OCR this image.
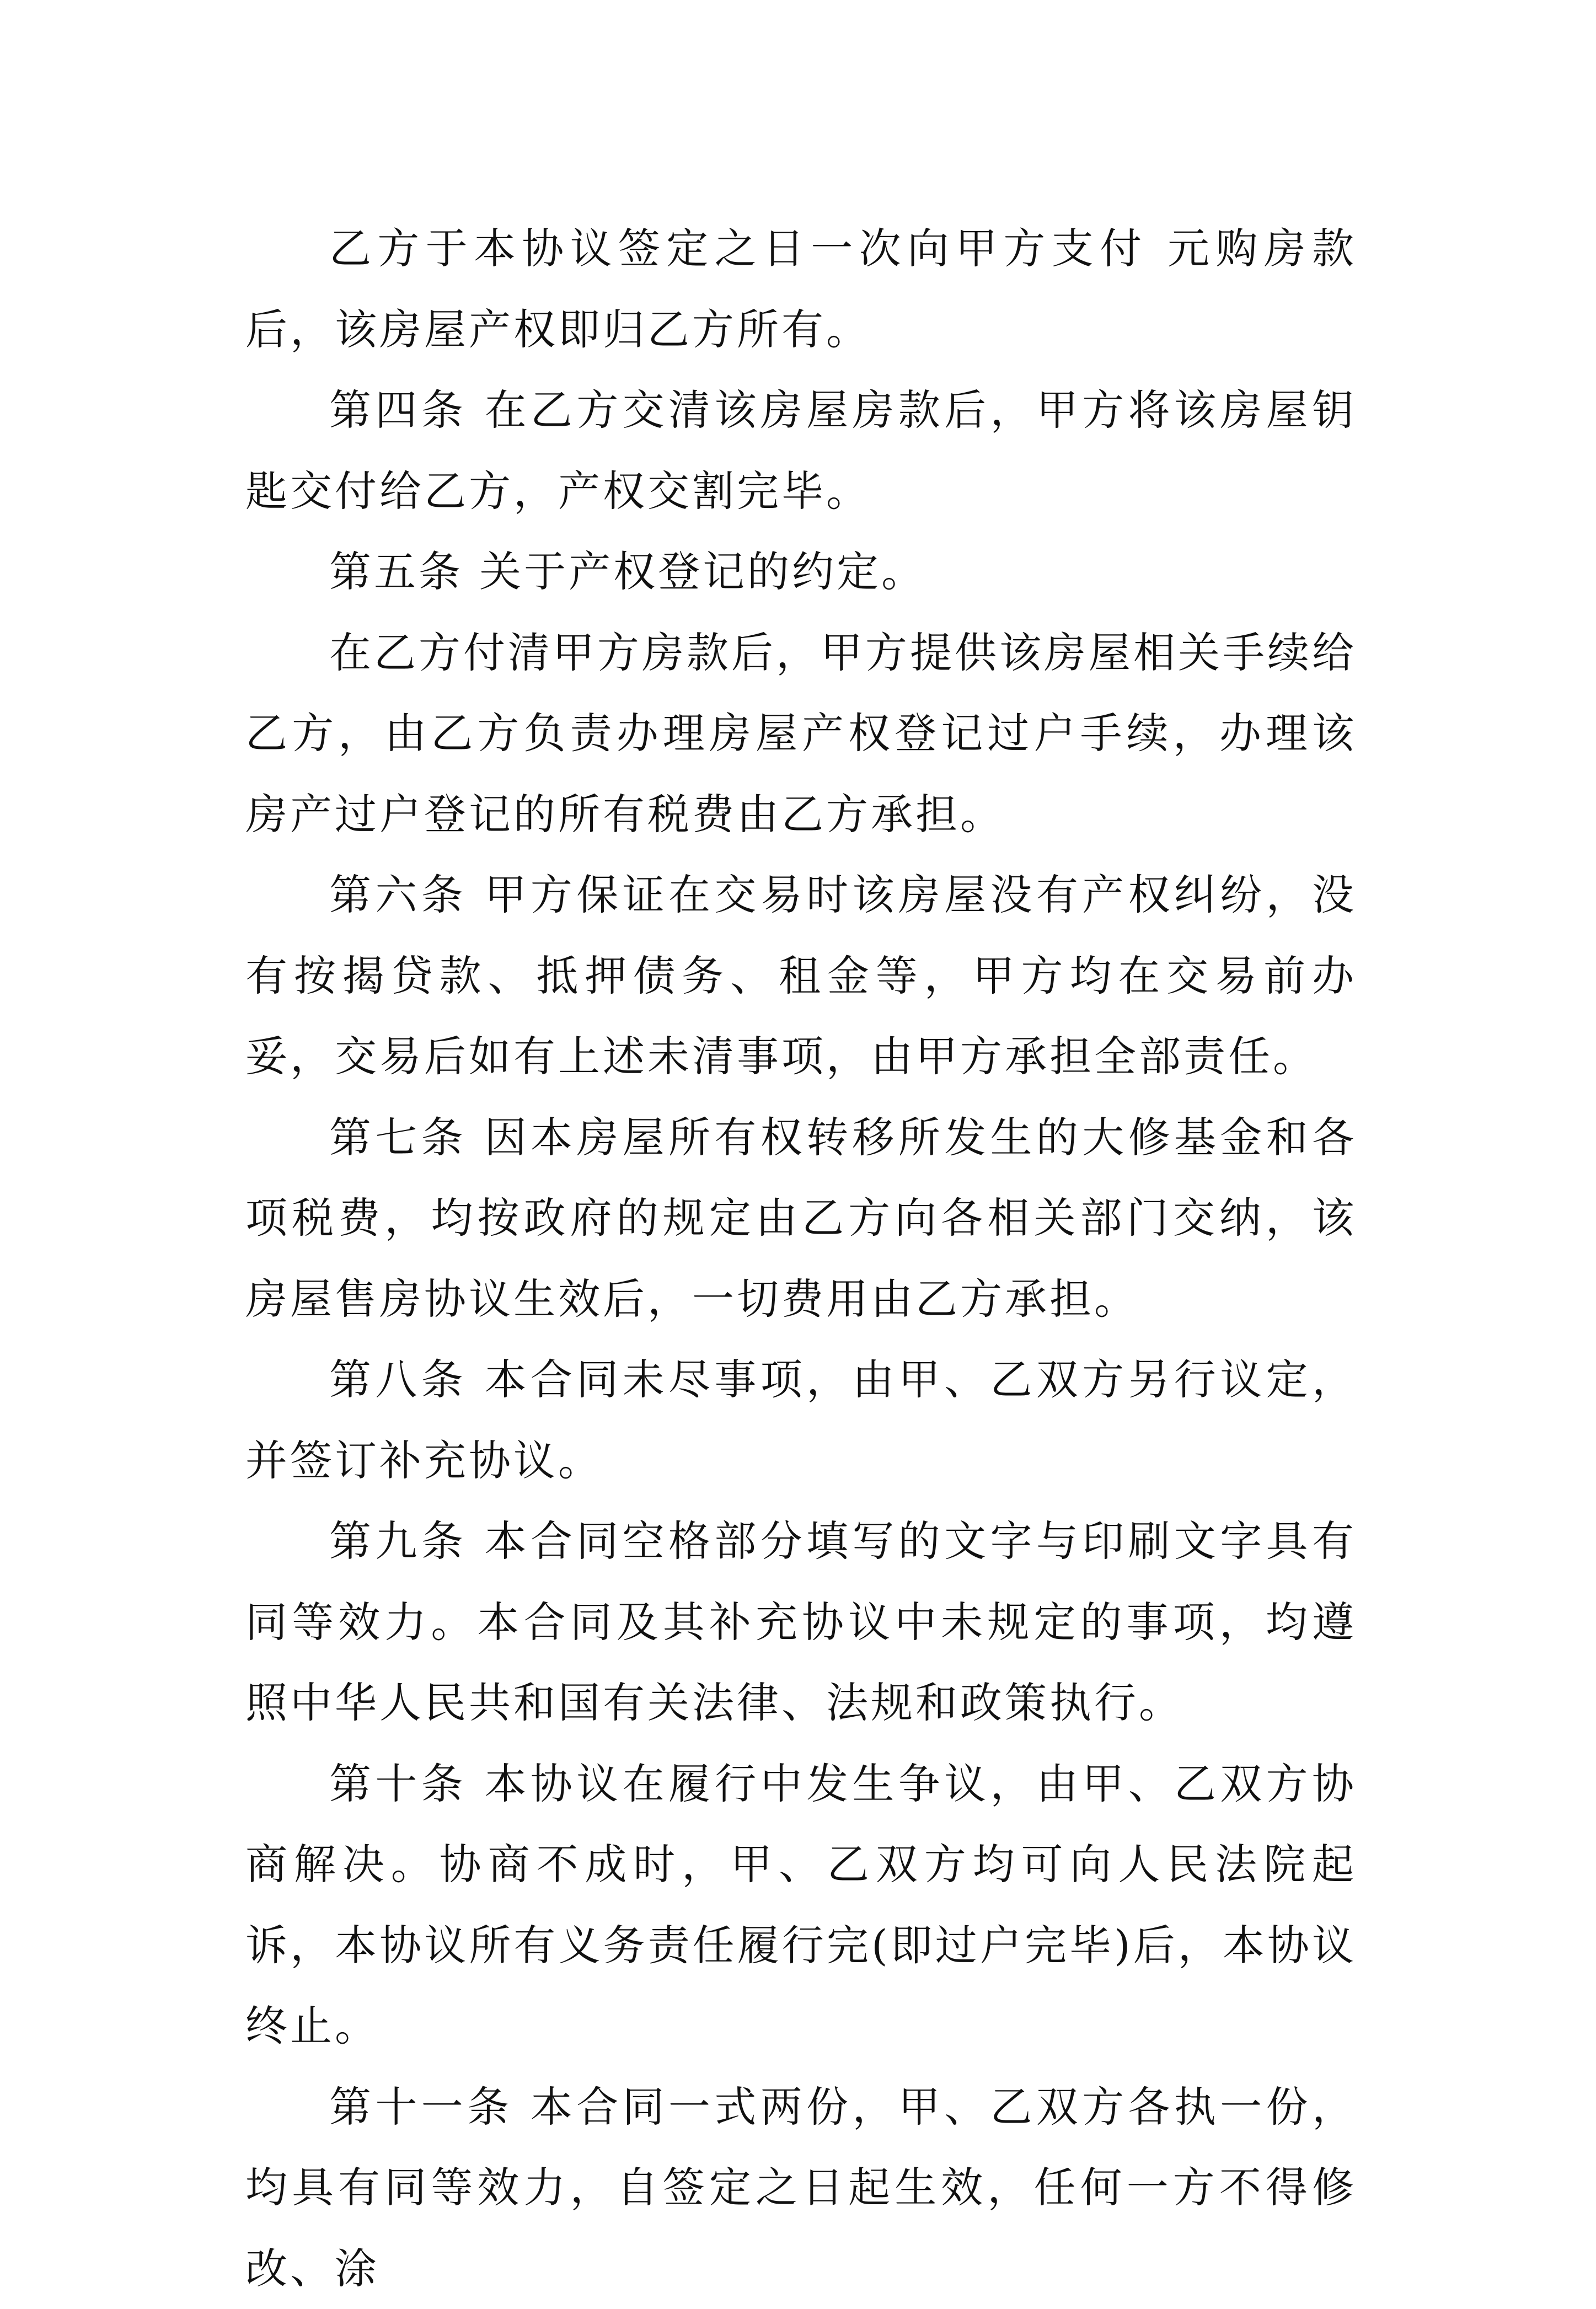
乙方于本协议签定之日一次向甲方支付 元购房款后，该房屋产权即归乙方所有。

第四条 在乙方交清该房屋房款后，甲方将该房屋钥匙交付给乙方，产权交割完毕。

第五条 关于产权登记的约定。

在乙方付清甲方房款后，甲方提供该房屋相关手续给乙方，由乙方负责办理房屋产权登记过户手续，办理该房产过户登记的所有税费由乙方承担。

第六条 甲方保证在交易时该房屋没有产权纠纷，没有按揭贷款、抵押债务、租金等，甲方均在交易前办妥，交易后如有上述未清事项，由甲方承担全部责任。

第七条 因本房屋所有权转移所发生的大修基金和各项税费，均按政府的规定由乙方向各相关部门交纳，该房屋售房协议生效后，一切费用由乙方承担。

第八条 本合同未尽事项，由甲、乙双方另行议定，并签订补充协议。

第九条 本合同空格部分填写的文字与印刷文字具有同等效力。本合同及其补充协议中未规定的事项，均遵照中华人民共和国有关法律、法规和政策执行。

第十条 本协议在履行中发生争议，由甲、乙双方协商解决。协商不成时，甲、乙双方均可向人民法院起诉，本协议所有义务责任履行完(即过户完毕)后，本协议终止。

第十一条 本合同一式两份，甲、乙双方各执一份，均具有同等效力，自签定之日起生效，任何一方不得修改、涂
